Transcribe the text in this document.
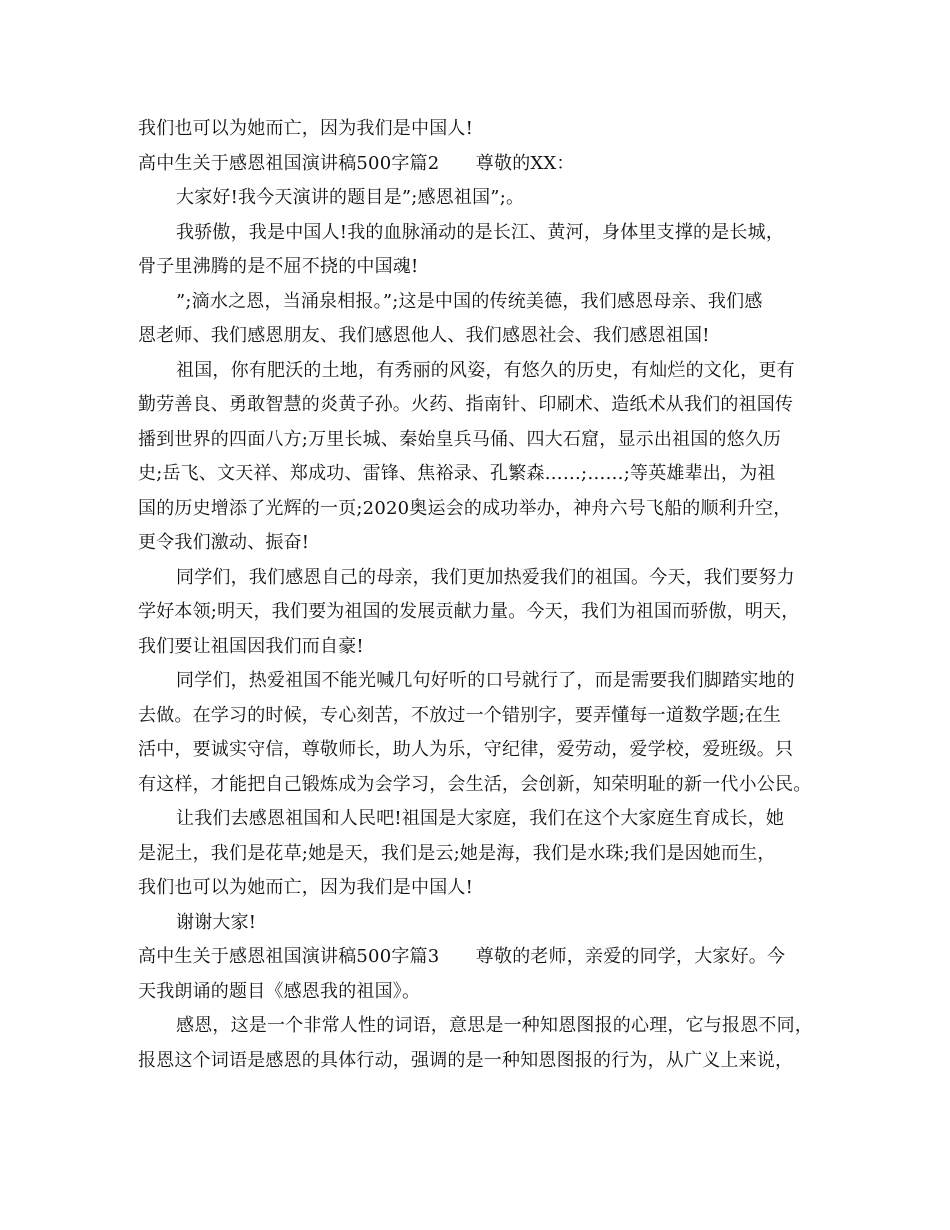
我们也可以为她而亡，因为我们是中国人!
高中生关于感恩祖国演讲稿500字篇2　　尊敬的XX：
大家好!我今天演讲的题目是”;感恩祖国”;。
我骄傲，我是中国人!我的血脉涌动的是长江、黄河，身体里支撑的是长城，
骨子里沸腾的是不屈不挠的中国魂!
”;滴水之恩，当涌泉相报。”;这是中国的传统美德，我们感恩母亲、我们感
恩老师、我们感恩朋友、我们感恩他人、我们感恩社会、我们感恩祖国!
祖国，你有肥沃的土地，有秀丽的风姿，有悠久的历史，有灿烂的文化，更有
勤劳善良、勇敢智慧的炎黄子孙。火药、指南针、印刷术、造纸术从我们的祖国传
播到世界的四面八方;万里长城、秦始皇兵马俑、四大石窟，显示出祖国的悠久历
史;岳飞、文天祥、郑成功、雷锋、焦裕录、孔繁森……;……;等英雄辈出，为祖
国的历史增添了光辉的一页;2020奥运会的成功举办，神舟六号飞船的顺利升空，
更令我们激动、振奋!
同学们，我们感恩自己的母亲，我们更加热爱我们的祖国。今天，我们要努力
学好本领;明天，我们要为祖国的发展贡献力量。今天，我们为祖国而骄傲，明天，
我们要让祖国因我们而自豪!
同学们，热爱祖国不能光喊几句好听的口号就行了，而是需要我们脚踏实地的
去做。在学习的时候，专心刻苦，不放过一个错别字，要弄懂每一道数学题;在生
活中，要诚实守信，尊敬师长，助人为乐，守纪律，爱劳动，爱学校，爱班级。只
有这样，才能把自己锻炼成为会学习，会生活，会创新，知荣明耻的新一代小公民。
让我们去感恩祖国和人民吧!祖国是大家庭，我们在这个大家庭生育成长，她
是泥土，我们是花草;她是天，我们是云;她是海，我们是水珠;我们是因她而生，
我们也可以为她而亡，因为我们是中国人!
谢谢大家!
高中生关于感恩祖国演讲稿500字篇3　　尊敬的老师，亲爱的同学，大家好。今
天我朗诵的题目《感恩我的祖国》。
感恩，这是一个非常人性的词语，意思是一种知恩图报的心理，它与报恩不同，
报恩这个词语是感恩的具体行动，强调的是一种知恩图报的行为，从广义上来说，
